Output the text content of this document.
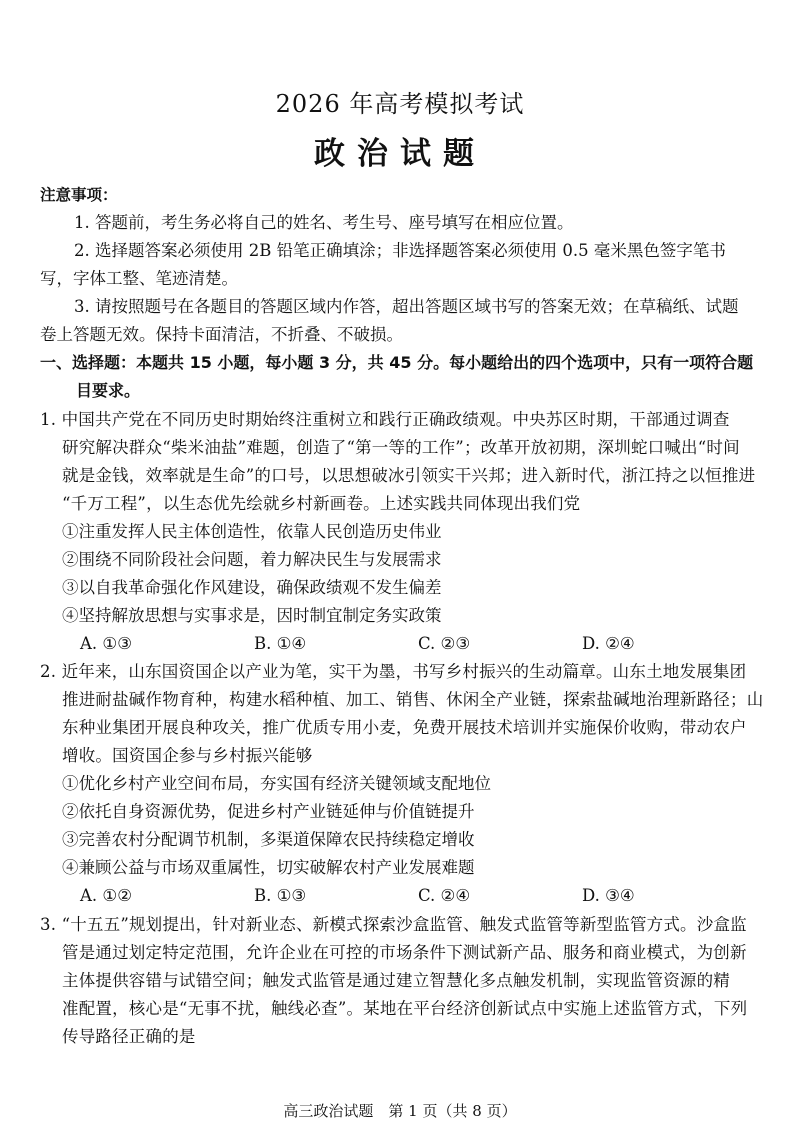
2026 年高考模拟考试
政治试题
注意事项：
1. 答题前，考生务必将自己的姓名、考生号、座号填写在相应位置。
2. 选择题答案必须使用 2B 铅笔正确填涂；非选择题答案必须使用 0.5 毫米黑色签字笔书
写，字体工整、笔迹清楚。
3. 请按照题号在各题目的答题区域内作答，超出答题区域书写的答案无效；在草稿纸、试题
卷上答题无效。保持卡面清洁，不折叠、不破损。
一、选择题：本题共 15 小题，每小题 3 分，共 45 分。每小题给出的四个选项中，只有一项符合题
目要求。
1. 中国共产党在不同历史时期始终注重树立和践行正确政绩观。中央苏区时期，干部通过调查
研究解决群众“柴米油盐”难题，创造了“第一等的工作”；改革开放初期，深圳蛇口喊出“时间
就是金钱，效率就是生命”的口号，以思想破冰引领实干兴邦；进入新时代，浙江持之以恒推进
“千万工程”，以生态优先绘就乡村新画卷。上述实践共同体现出我们党
①注重发挥人民主体创造性，依靠人民创造历史伟业
②围绕不同阶段社会问题，着力解决民生与发展需求
③以自我革命强化作风建设，确保政绩观不发生偏差
④坚持解放思想与实事求是，因时制宜制定务实政策
A. ①③	B. ①④	C. ②③	D. ②④
2. 近年来，山东国资国企以产业为笔，实干为墨，书写乡村振兴的生动篇章。山东土地发展集团
推进耐盐碱作物育种，构建水稻种植、加工、销售、休闲全产业链，探索盐碱地治理新路径；山
东种业集团开展良种攻关，推广优质专用小麦，免费开展技术培训并实施保价收购，带动农户
增收。国资国企参与乡村振兴能够
①优化乡村产业空间布局，夯实国有经济关键领域支配地位
②依托自身资源优势，促进乡村产业链延伸与价值链提升
③完善农村分配调节机制，多渠道保障农民持续稳定增收
④兼顾公益与市场双重属性，切实破解农村产业发展难题
A. ①②	B. ①③	C. ②④	D. ③④
3. “十五五”规划提出，针对新业态、新模式探索沙盒监管、触发式监管等新型监管方式。沙盒监
管是通过划定特定范围，允许企业在可控的市场条件下测试新产品、服务和商业模式，为创新
主体提供容错与试错空间；触发式监管是通过建立智慧化多点触发机制，实现监管资源的精
准配置，核心是“无事不扰，触线必查”。某地在平台经济创新试点中实施上述监管方式，下列
传导路径正确的是
高三政治试题　第 1 页（共 8 页）
